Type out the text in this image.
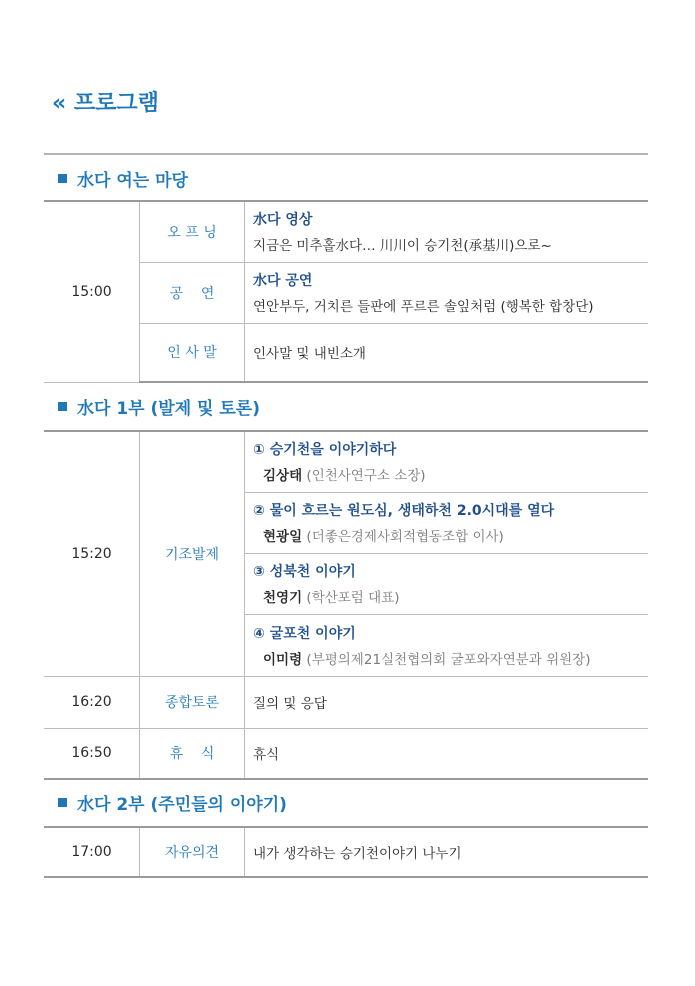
« 프로그램
水다 여는 마당
15:00	오 프 닝	水다 영상
지금은 미추홀水다… 川川이 승기천(承基川)으로~

	공    연	水다 공연
연안부두, 거치른 들판에 푸르른 솔잎처럼 (행복한 합창단)

	인 사 말	인사말 및 내빈소개
水다 1부 (발제 및 토론)
15:20	기조발제	① 승기천을 이야기하다
김상태 (인천사연구소 소장)

		② 물이 흐르는 원도심, 생태하천 2.0시대를 열다
현광일 (더좋은경제사회적협동조합 이사)

		③ 성북천 이야기
천영기 (학산포럼 대표)

		④ 굴포천 이야기
이미령 (부평의제21실천협의회 굴포와자연분과 위원장)

16:20	종합토론	질의 및 응답

16:50	휴    식	휴식
水다 2부 (주민들의 이야기)
17:00	자유의견	내가 생각하는 승기천이야기 나누기
